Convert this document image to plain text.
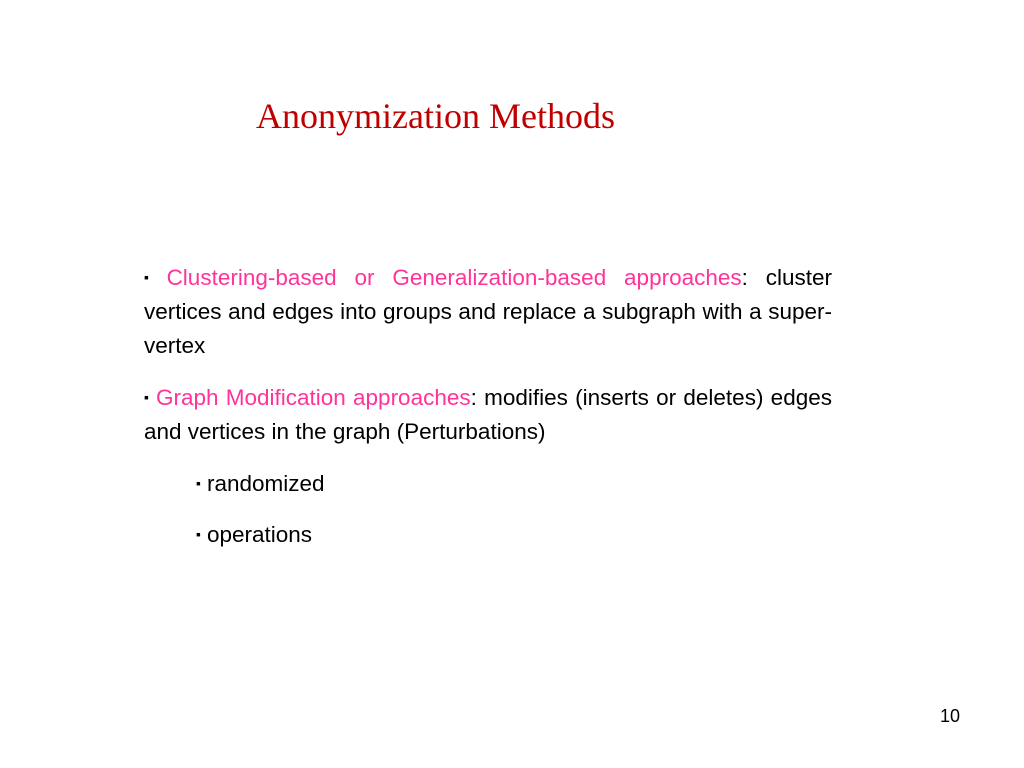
Anonymization Methods

▪ Clustering-based or Generalization-based approaches: cluster vertices and edges into groups and replace a subgraph with a super-vertex

▪ Graph Modification approaches: modifies (inserts or deletes) edges and vertices in the graph (Perturbations)

▪ randomized

▪ operations

10
